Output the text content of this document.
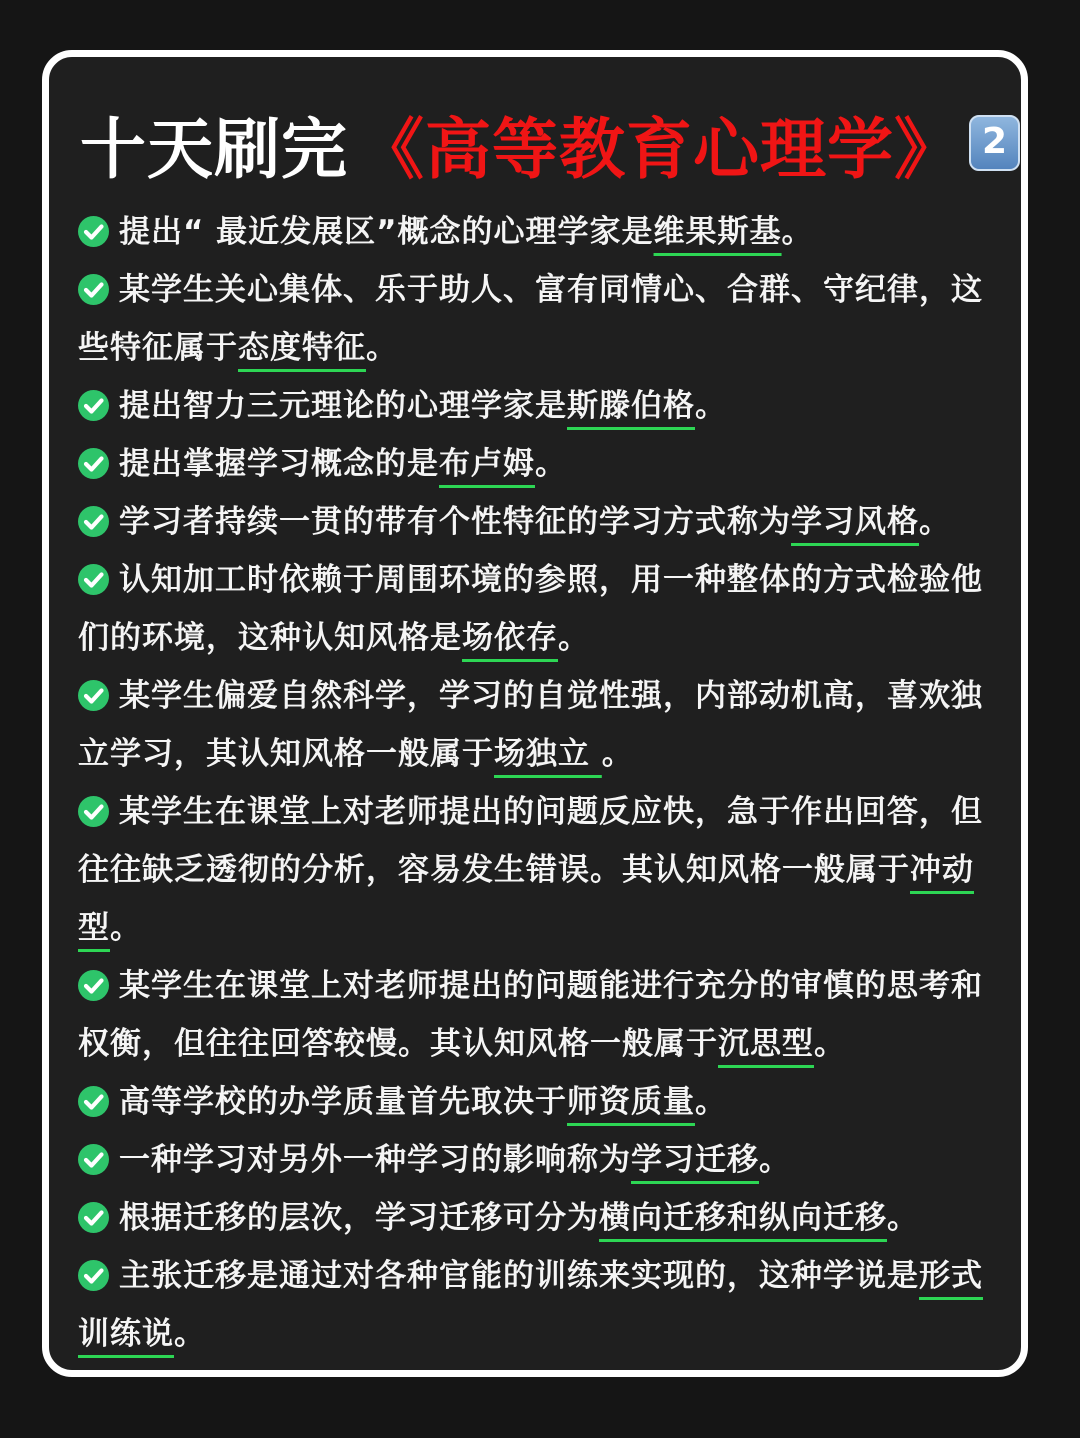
十天刷完 《高等教育心理学》 2
提出“ 最近发展区”概念的心理学家是维果斯基。
某学生关心集体、乐于助人、富有同情心、合群、守纪律，这些特征属于态度特征。
提出智力三元理论的心理学家是斯滕伯格。
提出掌握学习概念的是布卢姆。
学习者持续一贯的带有个性特征的学习方式称为学习风格。
认知加工时依赖于周围环境的参照，用一种整体的方式检验他们的环境，这种认知风格是场依存。
某学生偏爱自然科学，学习的自觉性强，内部动机高，喜欢独立学习，其认知风格一般属于场独立 。
某学生在课堂上对老师提出的问题反应快，急于作出回答，但往往缺乏透彻的分析，容易发生错误。其认知风格一般属于冲动型。
某学生在课堂上对老师提出的问题能进行充分的审慎的思考和权衡，但往往回答较慢。其认知风格一般属于沉思型。
高等学校的办学质量首先取决于师资质量。
一种学习对另外一种学习的影响称为学习迁移。
根据迁移的层次，学习迁移可分为横向迁移和纵向迁移。
主张迁移是通过对各种官能的训练来实现的，这种学说是形式训练说。
